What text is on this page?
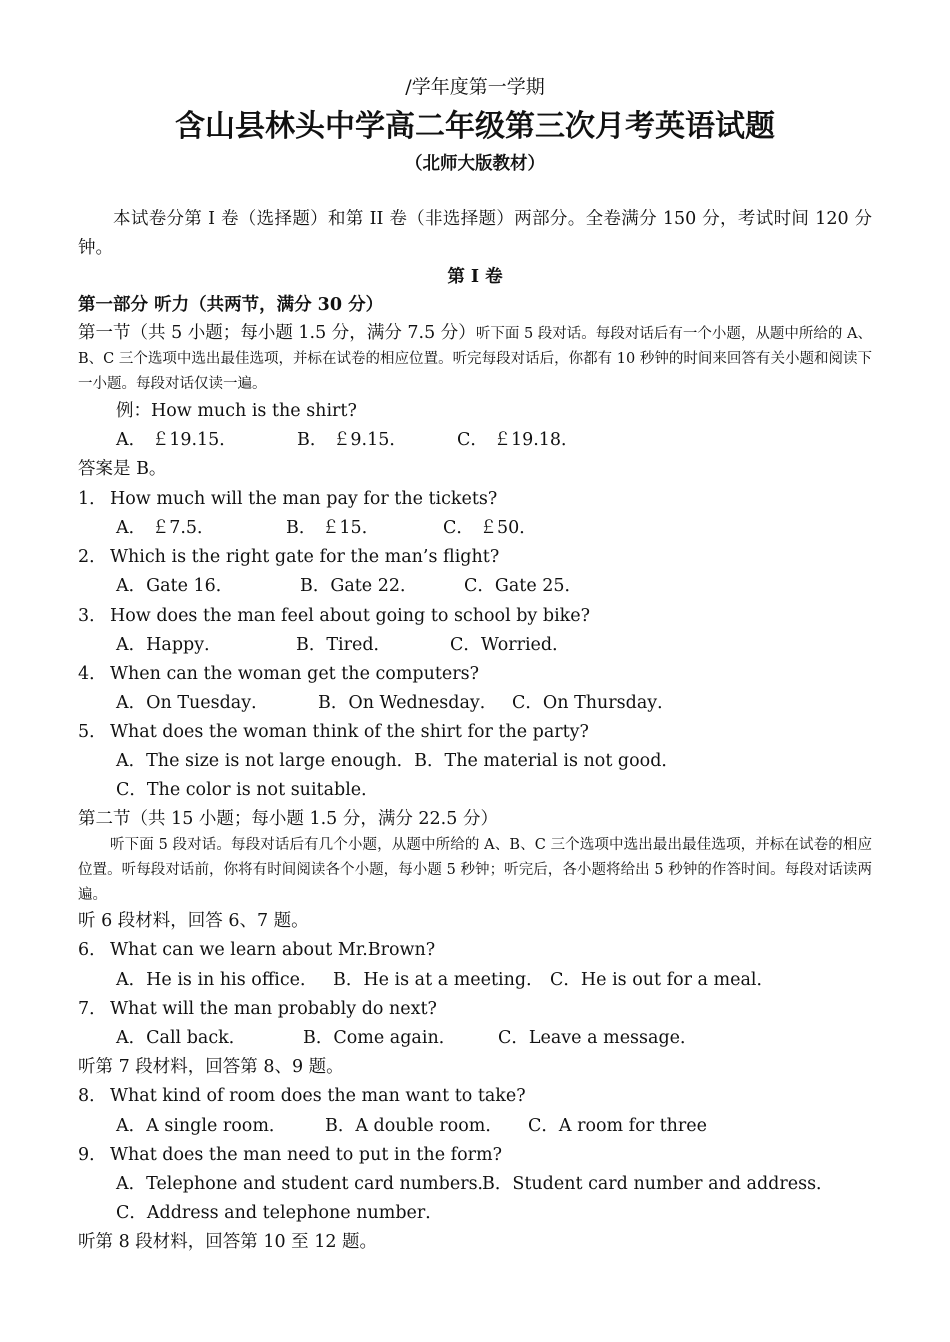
/学年度第一学期
含山县林头中学高二年级第三次月考英语试题
（北师大版教材）
本试卷分第 I 卷（选择题）和第 II 卷（非选择题）两部分。全卷满分 150 分，考试时间 120 分钟。
第 I 卷
第一部分 听力（共两节，满分 30 分）
第一节（共 5 小题；每小题 1.5 分，满分 7.5 分）听下面 5 段对话。每段对话后有一个小题，从题中所给的 A、B、C 三个选项中选出最佳选项，并标在试卷的相应位置。听完每段对话后，你都有 10 秒钟的时间来回答有关小题和阅读下一小题。每段对话仅读一遍。
例：How much is the shirt?
A． ￡19.15．	B． ￡9.15．	C． ￡19.18．
答案是 B。
1． How much will the man pay for the tickets?
A． ￡7.5．	B． ￡15．	C． ￡50．
2． Which is the right gate for the man’s flight?
A．Gate 16．	B．Gate 22．	C．Gate 25．
3． How does the man feel about going to school by bike?
A．Happy．	B．Tired．	C．Worried．
4． When can the woman get the computers?
A．On Tuesday．	B．On Wednesday． C．On Thursday．
5． What does the woman think of the shirt for the party?
A．The size is not large enough．B．The material is not good．
C．The color is not suitable．
第二节（共 15 小题；每小题 1.5 分，满分 22.5 分）
听下面 5 段对话。每段对话后有几个小题，从题中所给的 A、B、C 三个选项中选出最出最佳选项，并标在试卷的相应位置。听每段对话前，你将有时间阅读各个小题，每小题 5 秒钟；听完后，各小题将给出 5 秒钟的作答时间。每段对话读两遍。
听 6 段材料，回答 6、7 题。
6． What can we learn about Mr.Brown?
A．He is in his office． B．He is at a meeting． C．He is out for a meal．
7． What will the man probably do next?
A．Call back．	B．Come again． C．Leave a message．
听第 7 段材料，回答第 8、9 题。
8． What kind of room does the man want to take?
A．A single room． B．A double room． C．A room for three
9． What does the man need to put in the form?
A．Telephone and student card numbers．
B．Student card number and address．
C．Address and telephone number．
听第 8 段材料，回答第 10 至 12 题。
